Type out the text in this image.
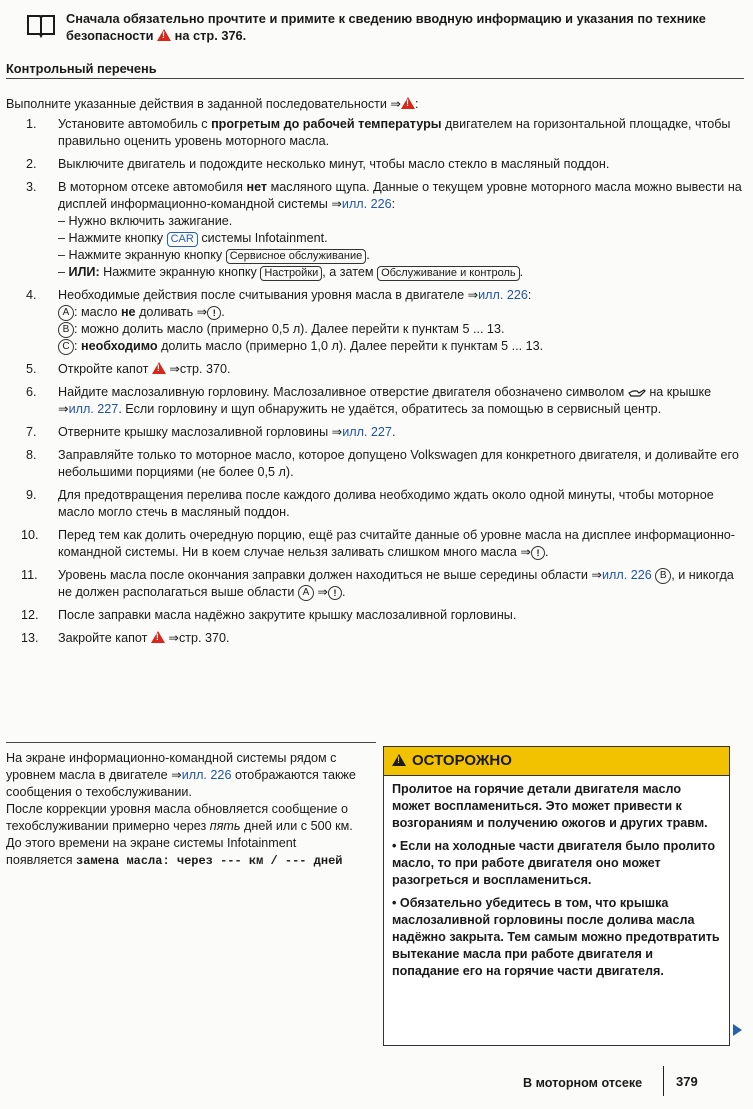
Сначала обязательно прочтите и примите к сведению вводную информацию и указания по технике безопасности ! на стр. 376.
Контрольный перечень
Выполните указанные действия в заданной последовательности ⇒ ! :
1.	Установите автомобиль с прогретым до рабочей температуры двигателем на горизонтальной площадке, чтобы правильно оценить уровень моторного масла.
2.	Выключите двигатель и подождите несколько минут, чтобы масло стекло в масляный поддон.
3.	В моторном отсеке автомобиля нет масляного щупа. Данные о текущем уровне моторного масла можно вывести на дисплей информационно-командной системы ⇒илл. 226:
– Нужно включить зажигание.
– Нажмите кнопку CAR системы Infotainment.
– Нажмите экранную кнопку Сервисное обслуживание .
– ИЛИ: Нажмите экранную кнопку Настройки , а затем Обслуживание и контроль .
4.	Необходимые действия после считывания уровня масла в двигателе ⇒илл. 226:
A : масло не доливать ⇒ ! .
B : можно долить масло (примерно 0,5 л). Далее перейти к пунктам 5 ... 13.
C : необходимо долить масло (примерно 1,0 л). Далее перейти к пунктам 5 ... 13.
5.	Откройте капот ! ⇒стр. 370.
6.	Найдите маслозаливную горловину. Маслозаливное отверстие двигателя обозначено символом  на крышке ⇒илл. 227. Если горловину и щуп обнаружить не удаётся, обратитесь за помощью в сервисный центр.
7.	Отверните крышку маслозаливной горловины ⇒илл. 227.
8.	Заправляйте только то моторное масло, которое допущено Volkswagen для конкретного двигателя, и доливайте его небольшими порциями (не более 0,5 л).
9.	Для предотвращения перелива после каждого долива необходимо ждать около одной минуты, чтобы моторное масло могло стечь в масляный поддон.
10.	Перед тем как долить очередную порцию, ещё раз считайте данные об уровне масла на дисплее информационно-командной системы. Ни в коем случае нельзя заливать слишком много масла ⇒ ! .
11.	Уровень масла после окончания заправки должен находиться не выше середины области ⇒илл. 226 B , и никогда не должен располагаться выше области A ⇒ ! .
12.	После заправки масла надёжно закрутите крышку маслозаливной горловины.
13.	Закройте капот ! ⇒стр. 370.

На экране информационно-командной системы рядом с уровнем масла в двигателе ⇒илл. 226 отображаются также сообщения о техобслуживании.

После коррекции уровня масла обновляется сообщение о техобслуживании примерно через пять дней или с 500 км.

До этого времени на экране системы Infotainment появляется замена масла: через --- км / --- дней

!ОСТОРОЖНО

Пролитое на горячие детали двигателя масло может воспламениться. Это может привести к возгораниям и получению ожогов и других травм.

• Если на холодные части двигателя было пролито масло, то при работе двигателя оно может разогреться и воспламениться.

• Обязательно убедитесь в том, что крышка маслозаливной горловины после долива масла надёжно закрыта. Тем самым можно предотвратить вытекание масла при работе двигателя и попадание его на горячие части двигателя.

В моторном отсеке	379
